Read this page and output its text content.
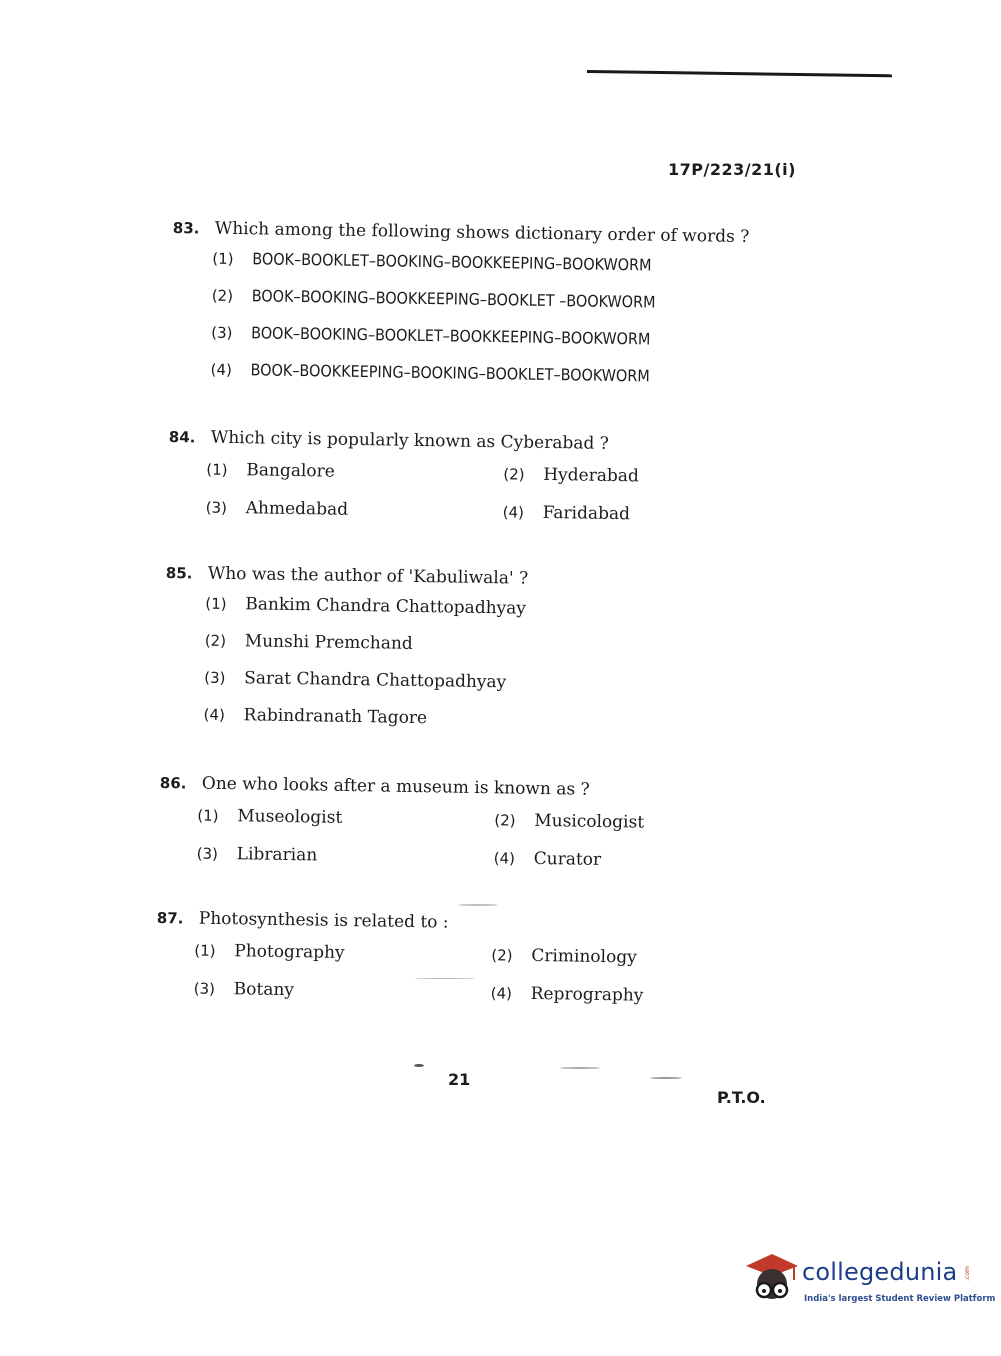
17P/223/21(i)
83. Which among the following shows dictionary order of words ?
(1)	BOOK–BOOKLET–BOOKING–BOOKKEEPING–BOOKWORM
(2)	BOOK–BOOKING–BOOKKEEPING–BOOKLET –BOOKWORM
(3)	BOOK–BOOKING–BOOKLET–BOOKKEEPING–BOOKWORM
(4)	BOOK–BOOKKEEPING–BOOKING–BOOKLET–BOOKWORM
84. Which city is popularly known as Cyberabad ?
(1)	Bangalore	(2)	Hyderabad
(3)	Ahmedabad	(4)	Faridabad
85. Who was the author of 'Kabuliwala' ?
(1)	Bankim Chandra Chattopadhyay
(2)	Munshi Premchand
(3)	Sarat Chandra Chattopadhyay
(4)	Rabindranath Tagore
86. One who looks after a museum is known as ?
(1)	Museologist	(2)	Musicologist
(3)	Librarian	(4)	Curator
87. Photosynthesis is related to :
(1)	Photography	(2)	Criminology
(3)	Botany	(4)	Reprography
21
P.T.O.
collegedunia .com
India's largest Student Review Platform
